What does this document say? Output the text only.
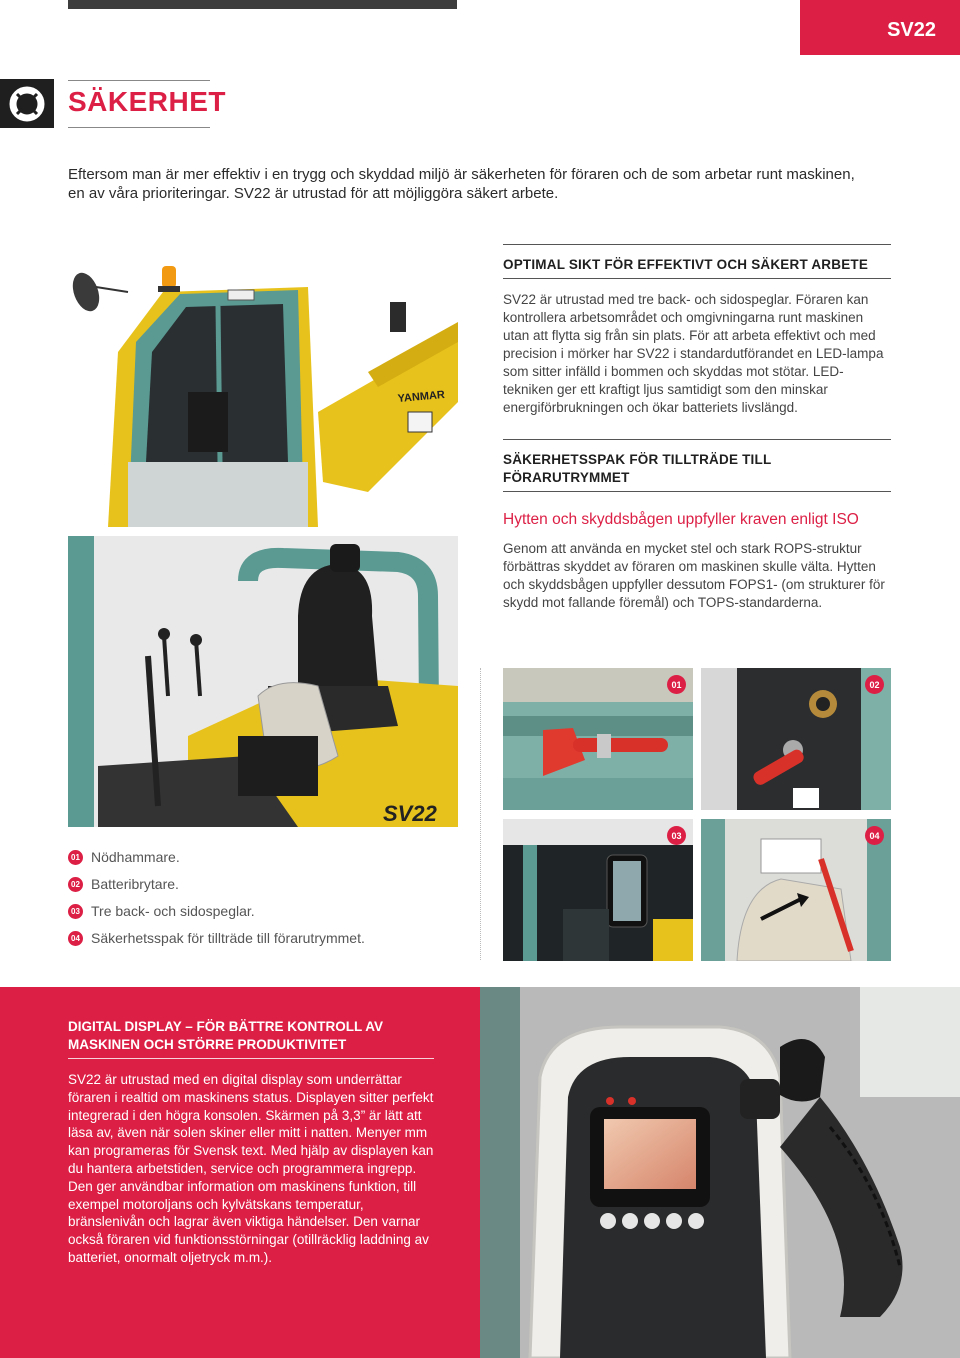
SV22
SÄKERHET
Eftersom man är mer effektiv i en trygg och skyddad miljö är säkerheten för föraren och de som arbetar runt maskinen, en av våra prioriteringar. SV22 är utrustad för att möjliggöra säkert arbete.
YANMAR
SV22
OPTIMAL SIKT FÖR EFFEKTIVT OCH SÄKERT ARBETE
SV22 är utrustad med tre back- och sidospeglar. Föraren kan kontrollera arbetsområdet och omgivningarna runt maskinen utan att flytta sig från sin plats. För att arbeta effektivt och med precision i mörker har SV22 i standardutförandet en LED-lampa som sitter infälld i bommen och skyddas mot stötar. LED-tekniken ger ett kraftigt ljus samtidigt som den minskar energiförbrukningen och ökar batteriets livslängd.
SÄKERHETSSPAK FÖR TILLTRÄDE TILL FÖRARUTRYMMET
Hytten och skyddsbågen uppfyller kraven enligt ISO
Genom att använda en mycket stel och stark ROPS-struktur förbättras skyddet av föraren om maskinen skulle välta. Hytten och skyddsbågen uppfyller dessutom FOPS1- (om strukturer för skydd mot fallande föremål) och TOPS-standarderna.
01	02
03	04
01 Nödhammare.
02 Batteribrytare.
03 Tre back- och sidospeglar.
04 Säkerhetsspak för tillträde till förarutrymmet.
DIGITAL DISPLAY – FÖR BÄTTRE KONTROLL AV MASKINEN OCH STÖRRE PRODUKTIVITET
SV22 är utrustad med en digital display som underrättar föraren i realtid om maskinens status. Displayen sitter perfekt integrerad i den högra konsolen. Skärmen på 3,3” är lätt att läsa av, även när solen skiner eller mitt i natten. Menyer mm kan programeras för Svensk text. Med hjälp av displayen kan du hantera arbetstiden, service och programmera ingrepp. Den ger användbar information om maskinens funktion, till exempel motoroljans och kylvätskans temperatur, bränslenivån och lagrar även viktiga händelser. Den varnar också föraren vid funktionsstörningar (otillräcklig laddning av batteriet, onormalt oljetryck m.m.).
